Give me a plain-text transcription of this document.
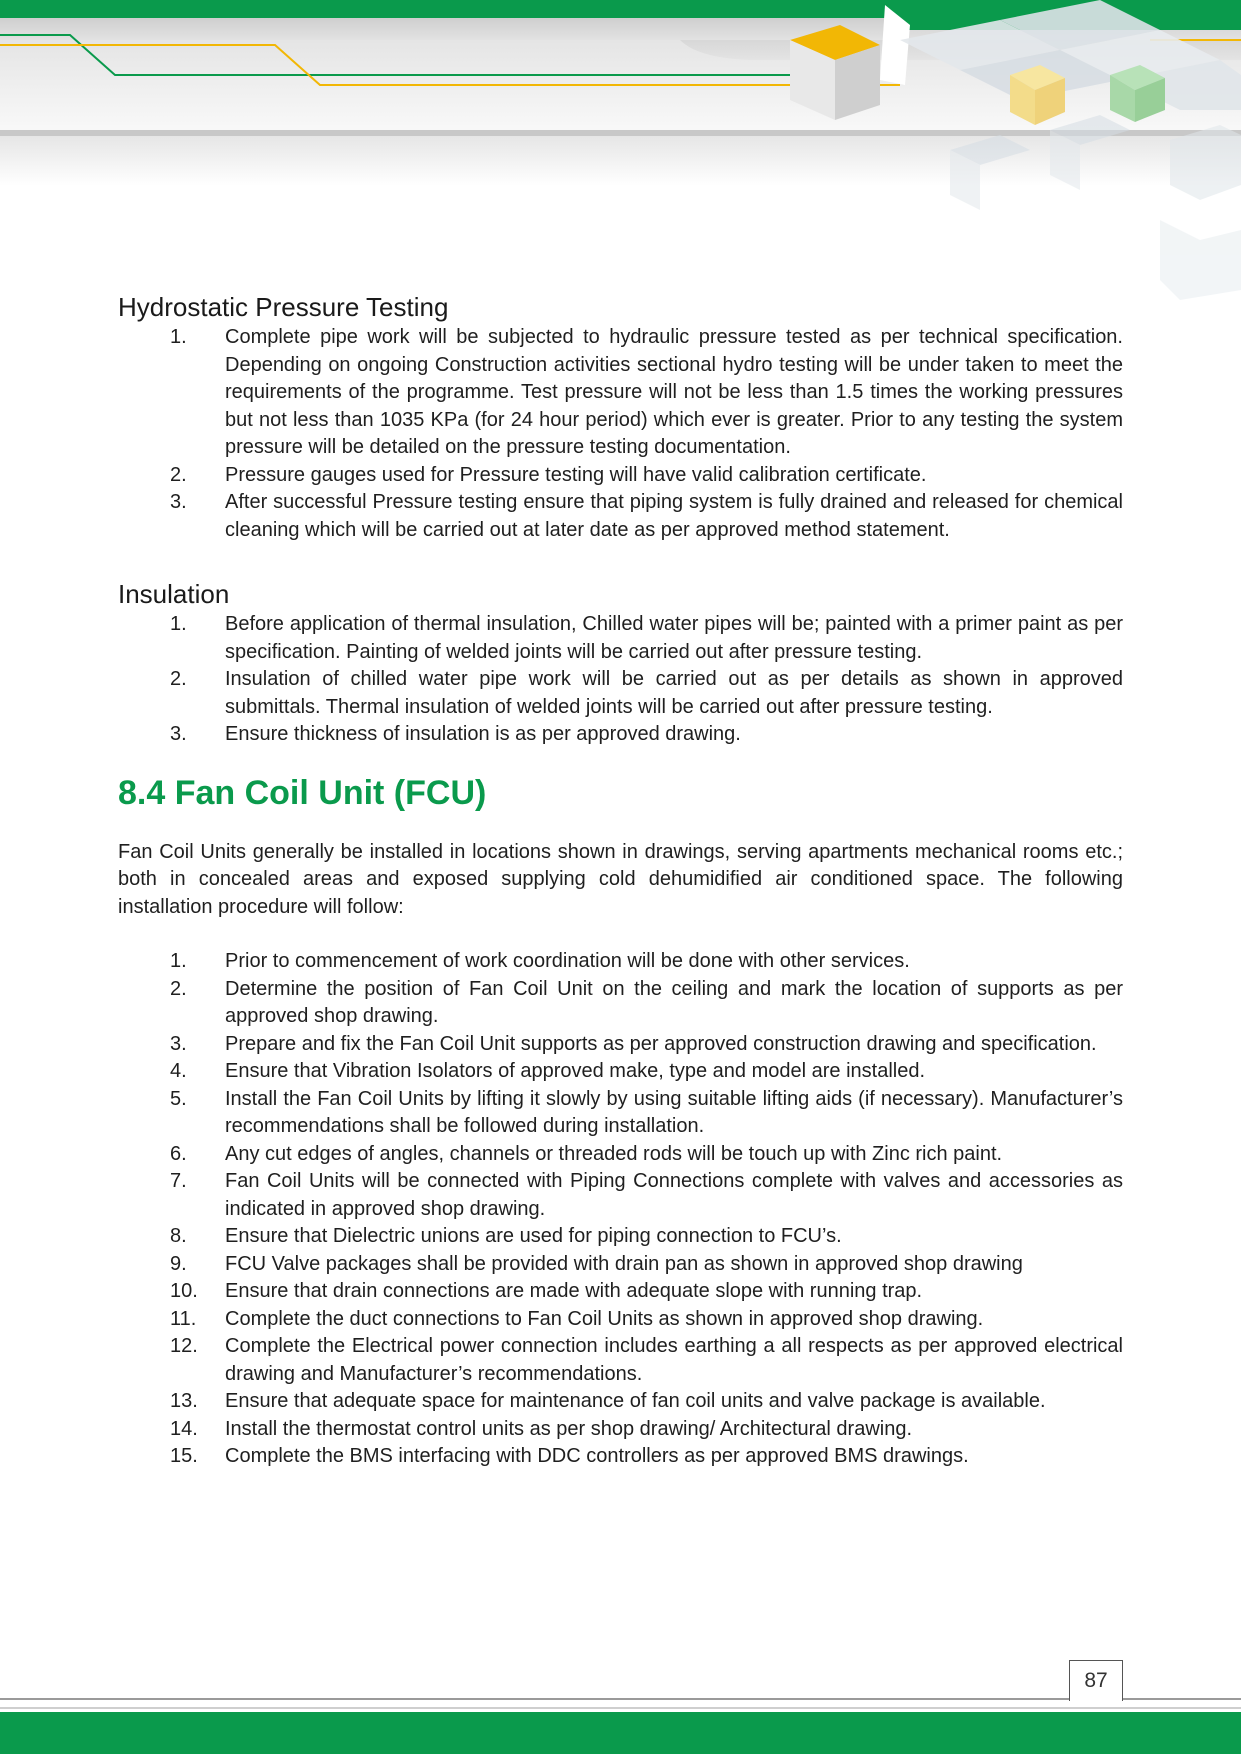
Hydrostatic Pressure Testing
1.	Complete pipe work will be subjected to hydraulic pressure tested as per technical specification. Depending on ongoing Construction activities sectional hydro testing will be under taken to meet the requirements of the programme. Test pressure will not be less than 1.5 times the working pressures but not less than 1035 KPa (for 24 hour period) which ever is greater. Prior to any testing the system pressure will be detailed on the pressure testing documentation.
2.	Pressure gauges used for Pressure testing will have valid calibration certificate.
3.	After successful Pressure testing ensure that piping system is fully drained and released for chemical cleaning which will be carried out at later date as per approved method statement.
Insulation
1.	Before application of thermal insulation, Chilled water pipes will be; painted with a primer paint as per specification. Painting of welded joints will be carried out after pressure testing.
2.	Insulation of chilled water pipe work will be carried out as per details as shown in approved submittals. Thermal insulation of welded joints will be carried out after pressure testing.
3.	Ensure thickness of insulation is as per approved drawing.
8.4 Fan Coil Unit (FCU)

Fan Coil Units generally be installed in locations shown in drawings, serving apartments mechanical rooms etc.; both in concealed areas and exposed supplying cold dehumidified air conditioned space. The following installation procedure will follow:

1.	Prior to commencement of work coordination will be done with other services.
2.	Determine the position of Fan Coil Unit on the ceiling and mark the location of supports as per approved shop drawing.
3.	Prepare and fix the Fan Coil Unit supports as per approved construction drawing and specification.
4.	Ensure that Vibration Isolators of approved make, type and model are installed.
5.	Install the Fan Coil Units by lifting it slowly by using suitable lifting aids (if necessary). Manufacturer’s recommendations shall be followed during installation.
6.	Any cut edges of angles, channels or threaded rods will be touch up with Zinc rich paint.
7.	Fan Coil Units will be connected with Piping Connections complete with valves and accessories as indicated in approved shop drawing.
8.	Ensure that Dielectric unions are used for piping connection to FCU’s.
9.	FCU Valve packages shall be provided with drain pan as shown in approved shop drawing
10.	Ensure that drain connections are made with adequate slope with running trap.
11.	Complete the duct connections to Fan Coil Units as shown in approved shop drawing.
12.	Complete the Electrical power connection includes earthing a all respects as per approved electrical drawing and Manufacturer’s recommendations.
13.	Ensure that adequate space for maintenance of fan coil units and valve package is available.
14.	Install the thermostat control units as per shop drawing/ Architectural drawing.
15.	Complete the BMS interfacing with DDC controllers as per approved BMS drawings.
87
